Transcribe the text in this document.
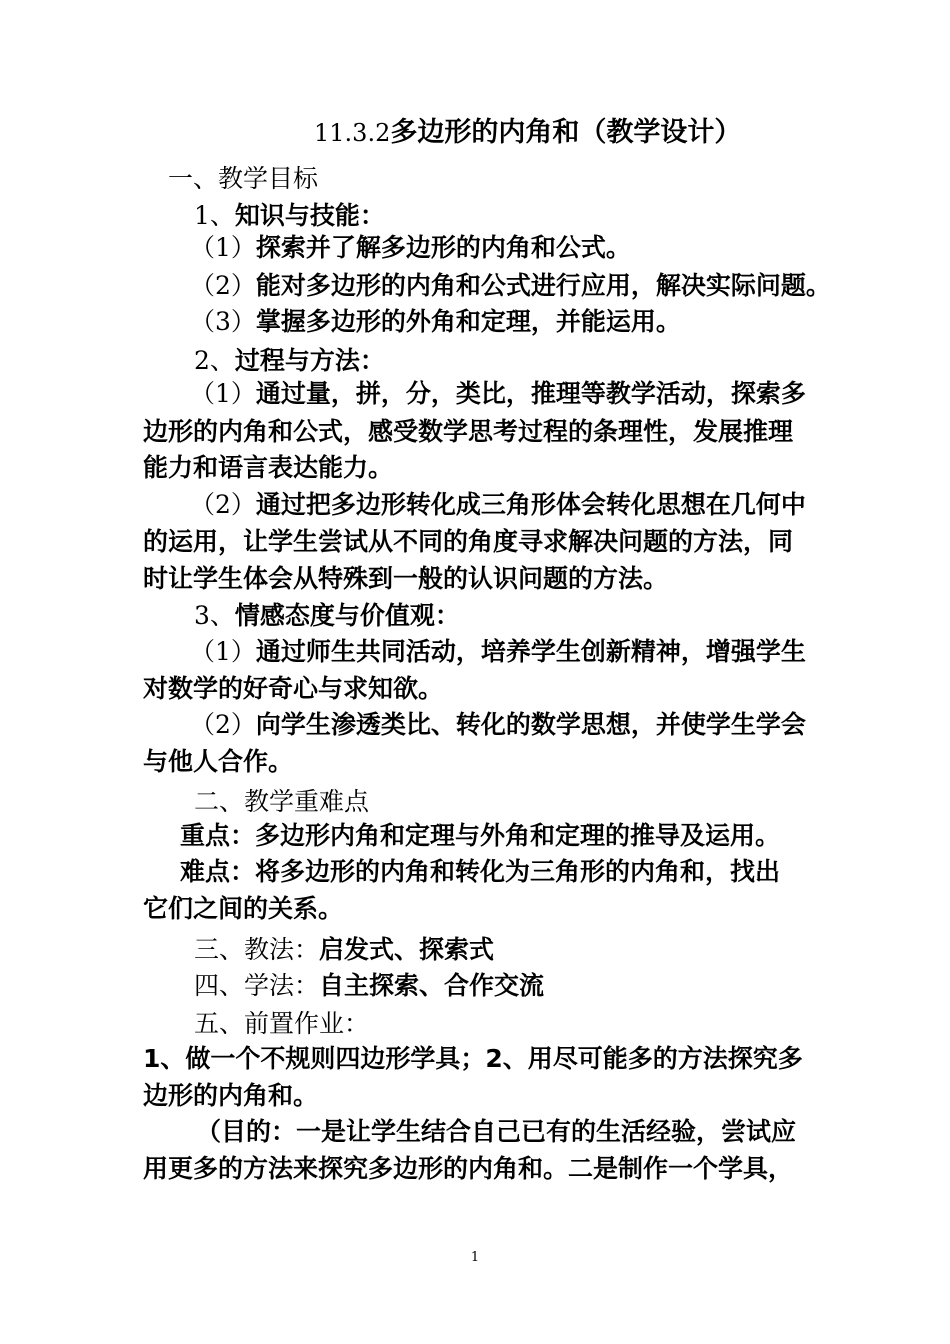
11.3.2多边形的内角和（教学设计）
一、教学目标
1、知识与技能：
（1）探索并了解多边形的内角和公式。
（2）能对多边形的内角和公式进行应用，解决实际问题。
（3）掌握多边形的外角和定理，并能运用。
2、过程与方法：
（1）通过量，拼，分，类比，推理等教学活动，探索多
边形的内角和公式，感受数学思考过程的条理性，发展推理
能力和语言表达能力。
（2）通过把多边形转化成三角形体会转化思想在几何中
的运用，让学生尝试从不同的角度寻求解决问题的方法，同
时让学生体会从特殊到一般的认识问题的方法。
3、情感态度与价值观：
（1）通过师生共同活动，培养学生创新精神，增强学生
对数学的好奇心与求知欲。
（2）向学生渗透类比、转化的数学思想，并使学生学会
与他人合作。
二、教学重难点
重点：多边形内角和定理与外角和定理的推导及运用。
难点：将多边形的内角和转化为三角形的内角和，找出
它们之间的关系。
三、教法：启发式、探索式
四、学法：自主探索、合作交流
五、前置作业：
1、做一个不规则四边形学具；2、用尽可能多的方法探究多
边形的内角和。
（目的：一是让学生结合自己已有的生活经验，尝试应
用更多的方法来探究多边形的内角和。二是制作一个学具，
1
